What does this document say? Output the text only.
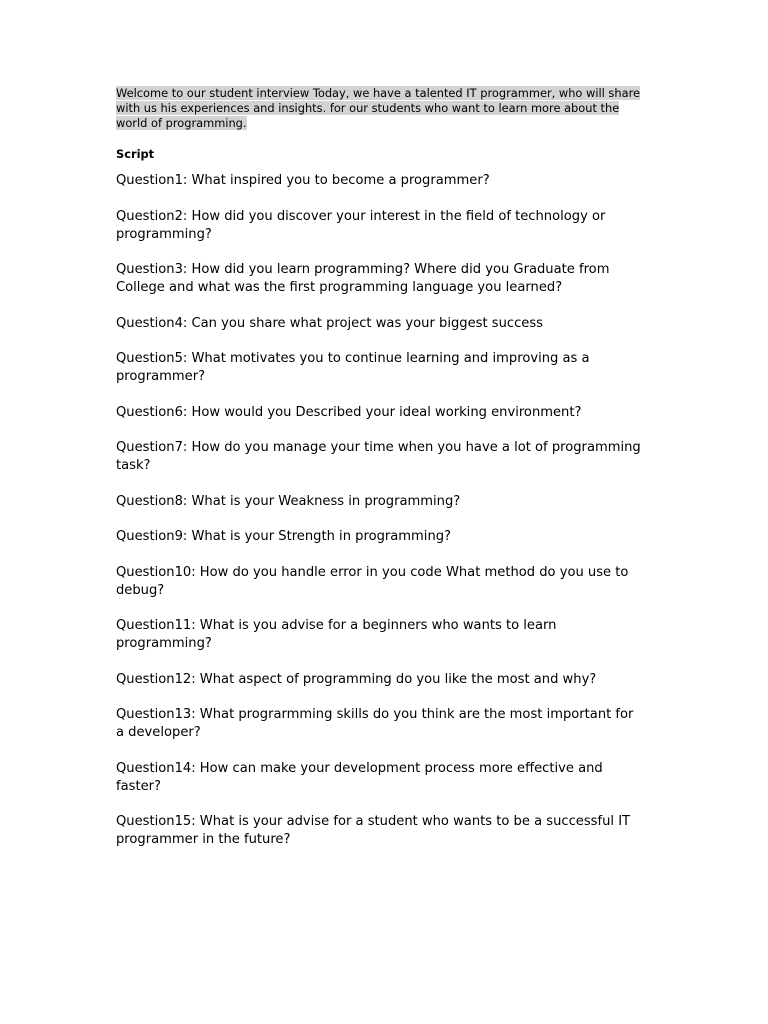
Welcome to our student interview Today, we have a talented IT programmer, who will share with us his experiences and insights. for our students who want to learn more about the world of programming.

Script

Question1: What inspired you to become a programmer?
Question2: How did you discover your interest in the field of technology or programming?
Question3: How did you learn programming? Where did you Graduate from College and what was the first programming language you learned?
Question4: Can you share what project was your biggest success
Question5: What motivates you to continue learning and improving as a programmer?
Question6: How would you Described your ideal working environment?
Question7: How do you manage your time when you have a lot of programming task?
Question8: What is your Weakness in programming?
Question9: What is your Strength in programming?
Question10: How do you handle error in you code What method do you use to debug?
Question11: What is you advise for a beginners who wants to learn programming?
Question12: What aspect of programming do you like the most and why?
Question13: What prograrmming skills do you think are the most important for a developer?
Question14: How can make your development process more effective and faster?
Question15: What is your advise for a student who wants to be a successful IT programmer in the future?
